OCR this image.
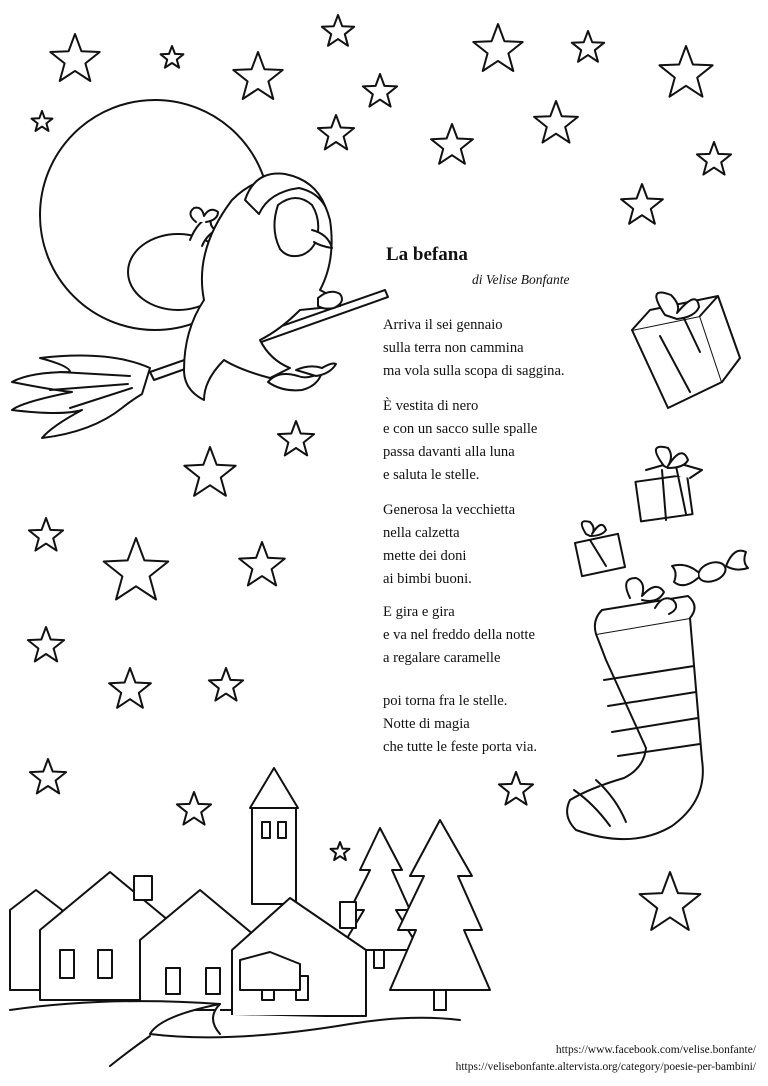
La befana
di Velise Bonfante

Arriva il sei gennaio
sulla terra non cammina
ma vola sulla scopa di saggina.

È vestita di nero
e con un sacco sulle spalle
passa davanti alla luna
e saluta le stelle.

Generosa la vecchietta
nella calzetta
mette dei doni
ai bimbi buoni.

E gira e gira
e va nel freddo della notte
a regalare caramelle

poi torna fra le stelle.
Notte di magia
che tutte le feste porta via.

https://www.facebook.com/velise.bonfante/
https://velisebonfante.altervista.org/category/poesie-per-bambini/
